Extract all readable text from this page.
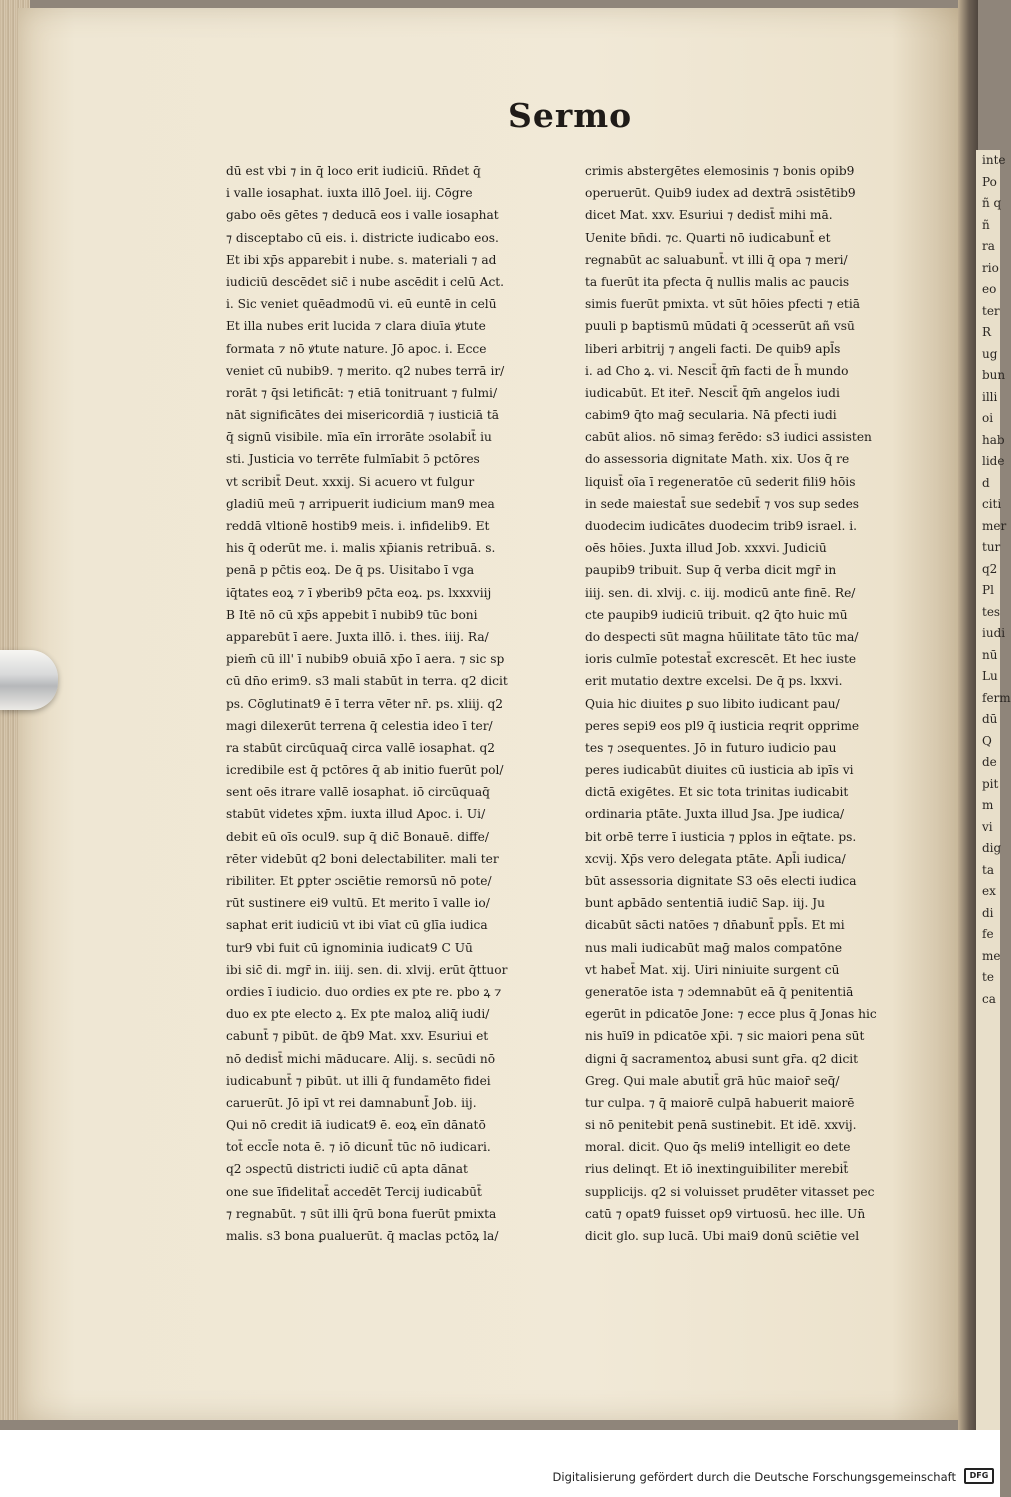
inte
Po
ñ q
ñ
ra
rio
eo
ter
R
ug
bun
illi
oi
hab
lide
d
citi
mer
tur
q2
Pl
tes
iudi
nū
Lu
ferm
dū
Q
de
pit
m
vi
dig
ta
ex
di
fe
me
te
ca
Sermo
dū est vbi ⁊ in q̄ loco erit iudiciū. Rn̄det q̄
i valle iosaphat. iuxta illō Joel. iij. Cōgre
gabo oēs gētes ⁊ deducā eos i valle iosaphat
⁊ disceptabo cū eis. i. districte iudicabo eos.
Et ibi xp̄s apparebit i nube. s. materiali ⁊ ad
iudiciū descēdet sic̄ i nube ascēdit i celū Act.
i. Sic veniet quēadmodū vi. eū euntē in celū
Et illa nubes erit lucida ⁊ clara diuīa ꝟtute
formata ⁊ nō ꝟtute nature. Jō apoc. i. Ecce
veniet cū nubib9. ⁊ merito. q2 nubes terrā ir/
rorāt ⁊ q̄si letificāt: ⁊ etiā tonitruant ⁊ fulmi/
nāt significātes dei misericordiā ⁊ iusticiā tā
q̄ signū visibile. mīa eīn irrorāte ɔsolabit̄ iu
sti. Justicia vo terrēte fulmīabit ɔ̄ pctōres
vt scribit̄ Deut. xxxij. Si acuero vt fulgur
gladiū meū ⁊ arripuerit iudicium man9 mea
reddā vltionē hostib9 meis. i. infidelib9. Et
his q̄ oderūt me. i. malis xp̄ianis retribuā. s.
penā p pc̄tis eoꝝ. De q̄ ps. Uisitabo ī vga
iq̄tates eoꝝ ⁊ ī ꝟberib9 pc̄ta eoꝝ. ps. lxxxviij
B Itē nō cū xp̄s appebit ī nubib9 tūc boni
apparebūt ī aere. Juxta illō. i. thes. iiij. Ra/
piem̄ cū ill' ī nubib9 obuiā xp̄o ī aera. ⁊ sic sp
cū dn̄o erim9. s3 mali stabūt in terra. q2 dicit
ps. Cōglutinat9 ē ī terra vēter nr̄. ps. xliij. q2
magi dilexerūt terrena q̄ celestia ideo ī ter/
ra stabūt circūquaq̄ circa vallē iosaphat. q2
icredibile est q̄ pctōres q̄ ab initio fuerūt pol/
sent oēs itrare vallē iosaphat. iō circūquaq̄
stabūt videtes xp̄m. iuxta illud Apoc. i. Ui/
debit eū oīs ocul9. sup q̄ dic̄ Bonauē. diffe/
rēter videbūt q2 boni delectabiliter. mali ter
ribiliter. Et ꝑpter ɔsciētie remorsū nō pote/
rūt sustinere ei9 vultū. Et merito ī valle io/
saphat erit iudiciū vt ibi vīat cū glīa iudica
tur9 vbi fuit cū ignominia iudicat9 C Uū
ibi sic̄ di. mgr̄ in. iiij. sen. di. xlvij. erūt q̄ttuor
ordies ī iudicio. duo ordies ex pte re. pbo ꝝ ⁊
duo ex pte electo ꝝ. Ex pte maloꝝ aliq̄ iudi/
cabunt̄ ⁊ pibūt. de q̄b9 Mat. xxv. Esuriui et
nō dedist̄ michi māducare. Alij. s. secūdi nō
iudicabunt̄ ⁊ pibūt. ut illi q̄ fundamēto fidei
caruerūt. Jō ipī vt rei damnabunt̄ Job. iij.
Qui nō credit iā iudicat9 ē. eoꝝ eīn dānatō
tot̄ eccl̄e nota ē. ⁊ iō dicunt̄ tūc nō iudicari.
q2 ɔsꝑectū districti iudic̄ cū apta dānat
one sue īfidelitat̄ accedēt Tercij iudicabūt̄
⁊ regnabūt. ⁊ sūt illi q̄rū bona fuerūt pmixta
malis. s3 bona ꝑualuerūt. q̄ maclas pctōꝝ la/
crimis abstergētes elemosinis ⁊ bonis opib9
operuerūt. Quib9 iudex ad dextrā ɔsistētib9
dicet Mat. xxv. Esuriui ⁊ dedist̄ mihi mā.
Uenite bn̄di. ⁊c. Quarti nō iudicabunt̄ et
regnabūt ac saluabunt̄. vt illi q̄ opa ⁊ meri/
ta fuerūt ita pfecta q̄ nullis malis ac paucis
simis fuerūt pmixta. vt sūt hōies pfecti ⁊ etiā
puuli p baptismū mūdati q̄ ɔcesserūt añ vsū
liberi arbitrij ⁊ angeli facti. De quib9 apl̄s
i. ad Cho ꝝ. vi. Nescit̄ q̄m̄ facti de h̄ mundo
iudicabūt. Et iter̄. Nescit̄ q̄m̄ angelos iudi
cabim9 q̄to maḡ secularia. Nā pfecti iudi
cabūt alios. nō simaȝ ferēdo: s3 iudici assisten
do assessoria dignitate Math. xix. Uos q̄ re
liquist̄ oīa ī regeneratōe cū sederit fili9 hōis
in sede maiestat̄ sue sedebit̄ ⁊ vos sup sedes
duodecim iudicātes duodecim trib9 israel. i.
oēs hōies. Juxta illud Job. xxxvi. Judiciū
paupib9 tribuit. Sup q̄ verba dicit mgr̄ in
iiij. sen. di. xlvij. c. iij. modicū ante finē. Re/
cte paupib9 iudiciū tribuit. q2 q̄to huic mū
do despecti sūt magna hūilitate tāto tūc ma/
ioris culmīe potestat̄ excrescēt. Et hec iuste
erit mutatio dextre excelsi. De q̄ ps. lxxvi.
Quia hic diuites ꝑ suo libito iudicant pau/
peres sepi9 eos pl9 q̄ iusticia reqrit opprime
tes ⁊ ɔsequentes. Jō in futuro iudicio pau
peres iudicabūt diuites cū iusticia ab ipīs vi
dictā exigētes. Et sic tota trinitas iudicabit
ordinaria ptāte. Juxta illud Jsa. Jpe iudica/
bit orbē terre ī iusticia ⁊ pplos in eq̄tate. ps.
xcvij. Xp̄s vero delegata ptāte. Apl̄i iudica/
būt assessoria dignitate S3 oēs electi iudica
bunt aꝑbādo sententiā iudic̄ Sap. iij. Ju
dicabūt sācti natōes ⁊ dn̄abunt̄ ppl̄s. Et mi
nus mali iudicabūt maḡ malos compatōne
vt habet̄ Mat. xij. Uiri niniuite surgent cū
generatōe ista ⁊ ɔdemnabūt eā q̄ penitentiā
egerūt in pdicatōe Jone: ⁊ ecce plus q̄ Jonas hic
nis huī9 in pdicatōe xp̄i. ⁊ sic maiori pena sūt
digni q̄ sacramentoꝝ abusi sunt gr̄a. q2 dicit
Greg. Qui male abutit̄ grā hūc maior̄ seq̄/
tur culpa. ⁊ q̄ maiorē culpā habuerit maiorē
si nō penitebit penā sustinebit. Et idē. xxvij.
moral. dicit. Quo q̄s meli9 intelligit eo dete
rius delinqt. Et iō inextinguibiliter merebit̄
supplicijs. q2 si voluisset prudēter vitasset pec
catū ⁊ opat9 fuisset op9 virtuosū. hec ille. Un̄
dicit glo. sup lucā. Ubi mai9 donū sciētie vel
Digitalisierung gefördert durch die Deutsche Forschungsgemeinschaft	DFG
